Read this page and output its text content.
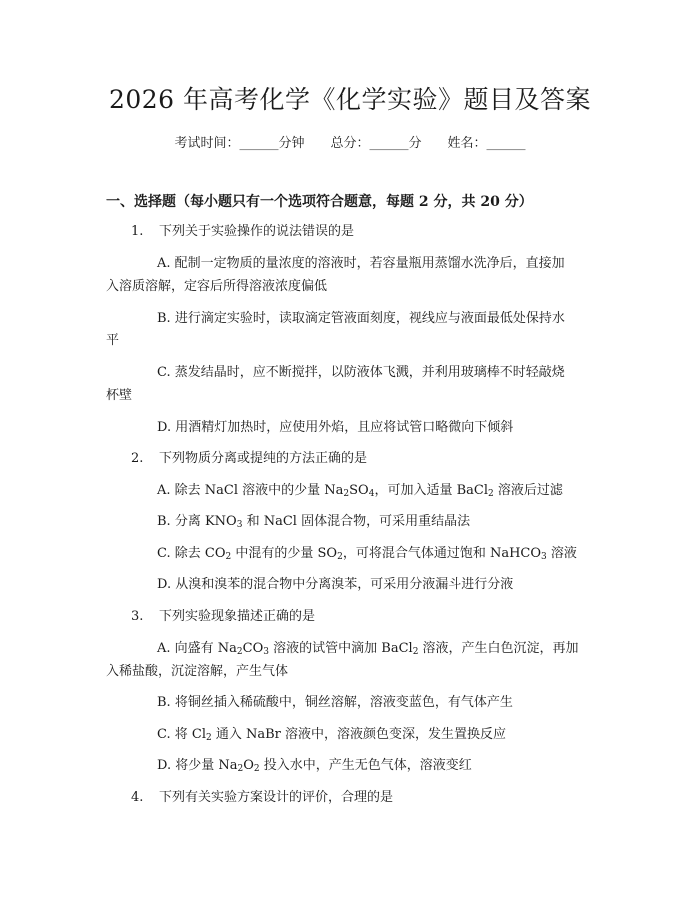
2026 年高考化学《化学实验》题目及答案
考试时间：______分钟 总分：______分 姓名：______
一、选择题（每小题只有一个选项符合题意，每题 2 分，共 20 分）
1. 下列关于实验操作的说法错误的是
A. 配制一定物质的量浓度的溶液时，若容量瓶用蒸馏水洗净后，直接加
入溶质溶解，定容后所得溶液浓度偏低
B. 进行滴定实验时，读取滴定管液面刻度，视线应与液面最低处保持水
平
C. 蒸发结晶时，应不断搅拌，以防液体飞溅，并利用玻璃棒不时轻敲烧
杯壁
D. 用酒精灯加热时，应使用外焰，且应将试管口略微向下倾斜
2. 下列物质分离或提纯的方法正确的是
A. 除去 NaCl 溶液中的少量 $Na_2SO_4$，可加入适量 BaCl$_2$ 溶液后过滤
B. 分离 $KNO_3$ 和 NaCl 固体混合物，可采用重结晶法
C. 除去 $CO_2$ 中混有的少量 $SO_2$，可将混合气体通过饱和 NaHCO$_3$ 溶液
D. 从溴和溴苯的混合物中分离溴苯，可采用分液漏斗进行分液
3. 下列实验现象描述正确的是
A. 向盛有 $Na_2CO_3$ 溶液的试管中滴加 BaCl$_2$ 溶液，产生白色沉淀，再加
入稀盐酸，沉淀溶解，产生气体
B. 将铜丝插入稀硫酸中，铜丝溶解，溶液变蓝色，有气体产生
C. 将 $Cl_2$ 通入 NaBr 溶液中，溶液颜色变深，发生置换反应
D. 将少量 $Na_2O_2$ 投入水中，产生无色气体，溶液变红
4. 下列有关实验方案设计的评价，合理的是
